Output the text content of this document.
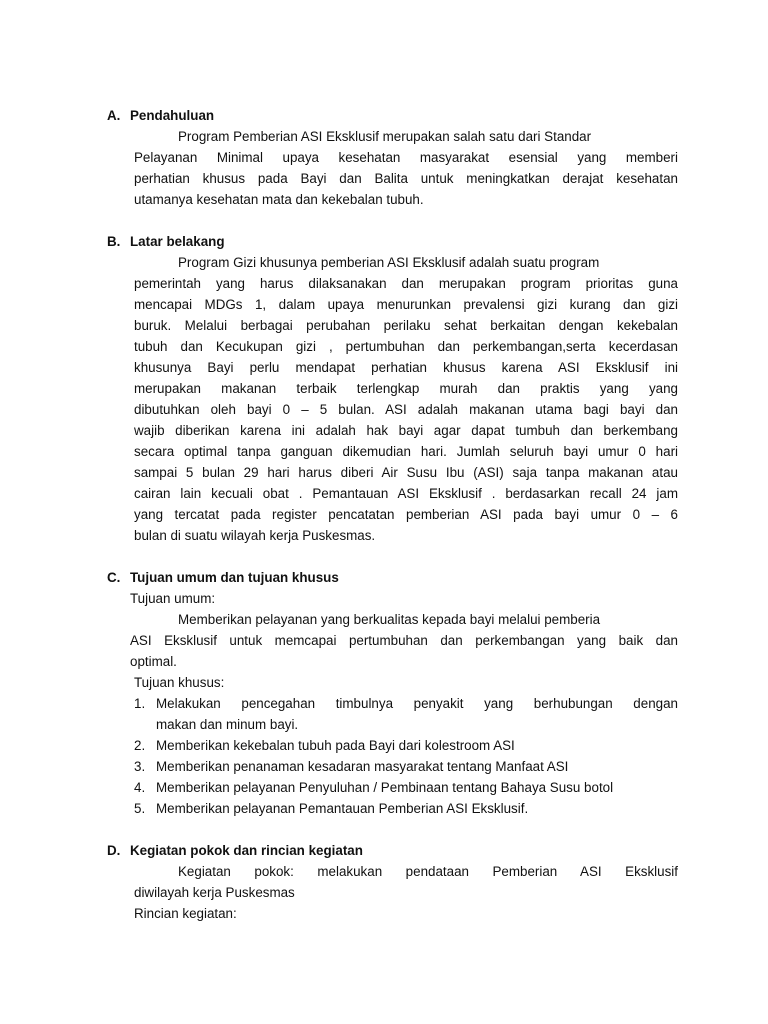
A. Pendahuluan
Program Pemberian ASI Eksklusif merupakan salah satu dari Standar
Pelayanan Minimal upaya kesehatan masyarakat esensial yang memberi
perhatian khusus pada Bayi dan Balita untuk meningkatkan derajat kesehatan
utamanya kesehatan mata dan kekebalan tubuh.
B. Latar belakang
Program Gizi khusunya pemberian ASI Eksklusif adalah suatu program
pemerintah yang harus dilaksanakan dan merupakan program prioritas guna
mencapai MDGs 1, dalam upaya menurunkan prevalensi gizi kurang dan gizi
buruk. Melalui berbagai perubahan perilaku sehat berkaitan dengan kekebalan
tubuh dan Kecukupan gizi , pertumbuhan dan perkembangan,serta kecerdasan
khusunya Bayi perlu mendapat perhatian khusus karena ASI Eksklusif ini
merupakan makanan terbaik terlengkap murah dan praktis yang yang
dibutuhkan oleh bayi 0 – 5 bulan. ASI adalah makanan utama bagi bayi dan
wajib diberikan karena ini adalah hak bayi agar dapat tumbuh dan berkembang
secara optimal tanpa ganguan dikemudian hari. Jumlah seluruh bayi umur 0 hari
sampai 5 bulan 29 hari harus diberi Air Susu Ibu (ASI) saja tanpa makanan atau
cairan lain kecuali obat . Pemantauan ASI Eksklusif . berdasarkan recall 24 jam
yang tercatat pada register pencatatan pemberian ASI pada bayi umur 0 – 6
bulan di suatu wilayah kerja Puskesmas.
C. Tujuan umum dan tujuan khusus
Tujuan umum:
Memberikan pelayanan yang berkualitas kepada bayi melalui pemberia
ASI Eksklusif untuk memcapai pertumbuhan dan perkembangan yang baik dan
optimal.
Tujuan khusus:
1. Melakukan pencegahan timbulnya penyakit yang berhubungan dengan
makan dan minum bayi.
2. Memberikan kekebalan tubuh pada Bayi dari kolestroom ASI
3. Memberikan penanaman kesadaran masyarakat tentang Manfaat ASI
4. Memberikan pelayanan Penyuluhan / Pembinaan tentang Bahaya Susu botol
5. Memberikan pelayanan Pemantauan Pemberian ASI Eksklusif.
D. Kegiatan pokok dan rincian kegiatan
Kegiatan pokok: melakukan pendataan Pemberian ASI Eksklusif
diwilayah kerja Puskesmas
Rincian kegiatan:
